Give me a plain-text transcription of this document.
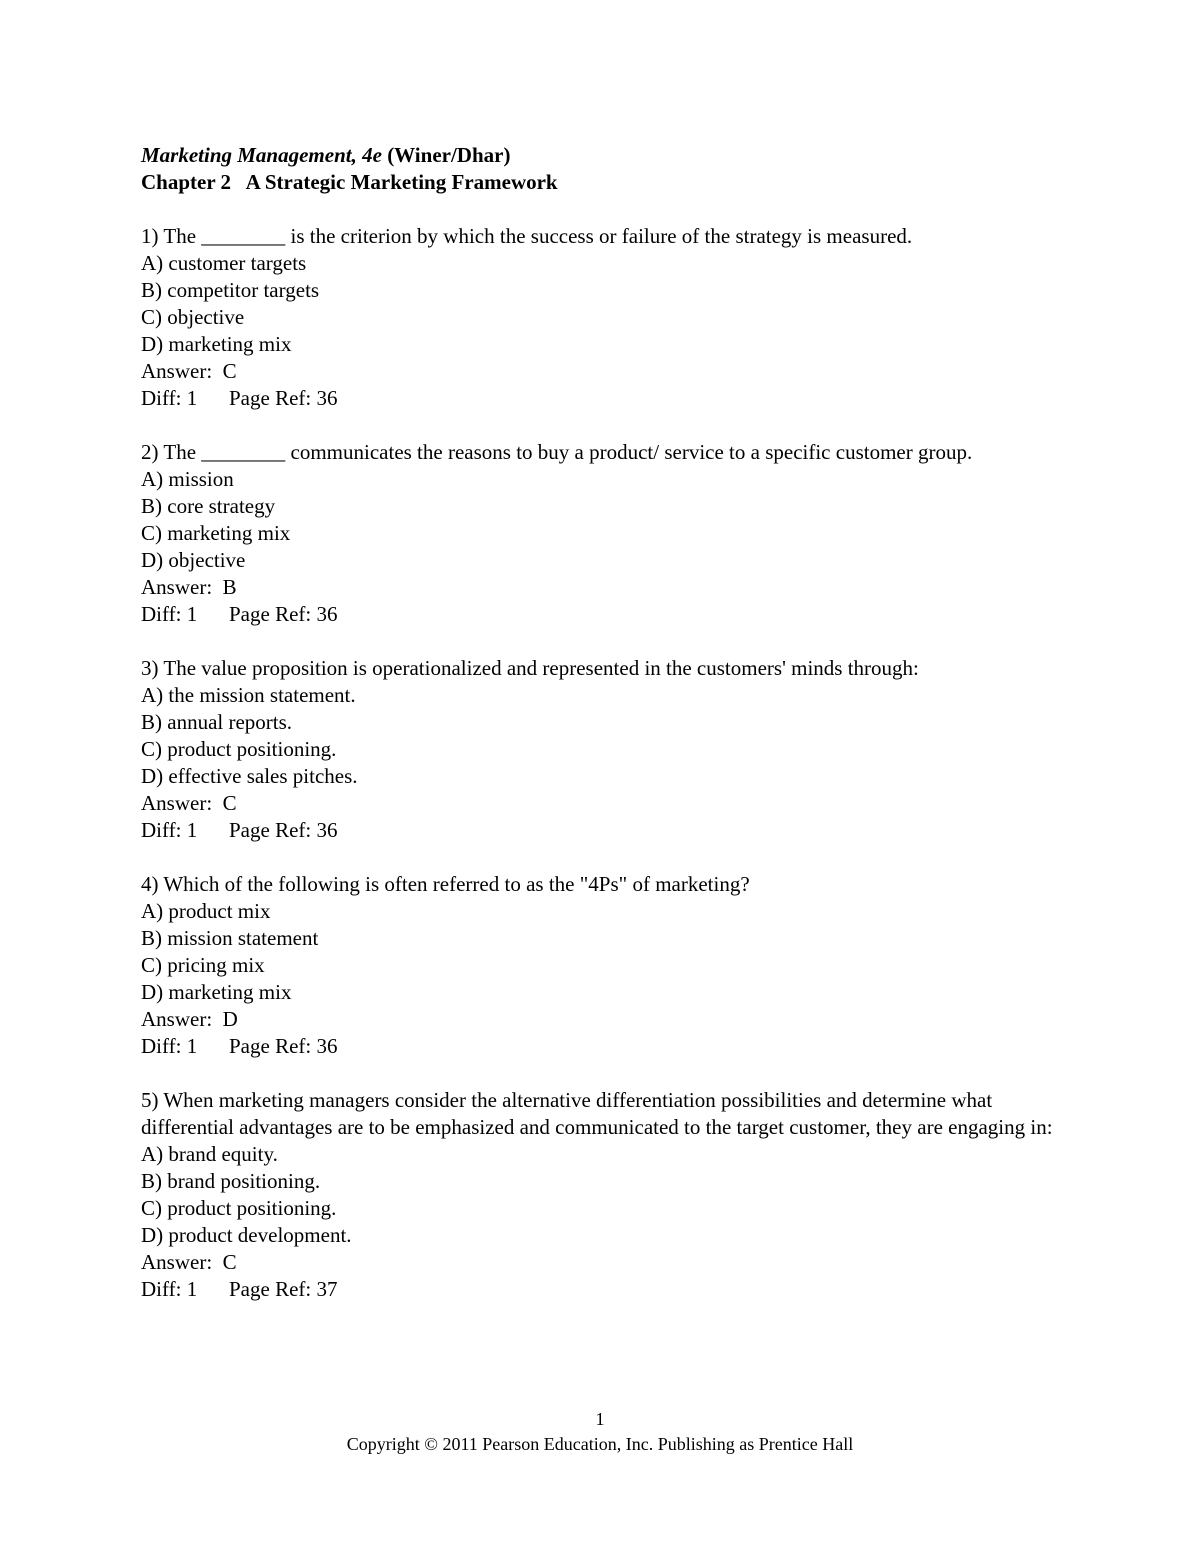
Marketing Management, 4e (Winer/Dhar)
Chapter 2   A Strategic Marketing Framework
1) The ________ is the criterion by which the success or failure of the strategy is measured.
A) customer targets
B) competitor targets
C) objective
D) marketing mix
Answer:  C
Diff: 1 Page Ref: 36
2) The ________ communicates the reasons to buy a product/ service to a specific customer group.
A) mission
B) core strategy
C) marketing mix
D) objective
Answer:  B
Diff: 1 Page Ref: 36
3) The value proposition is operationalized and represented in the customers' minds through:
A) the mission statement.
B) annual reports.
C) product positioning.
D) effective sales pitches.
Answer:  C
Diff: 1 Page Ref: 36
4) Which of the following is often referred to as the "4Ps" of marketing?
A) product mix
B) mission statement
C) pricing mix
D) marketing mix
Answer:  D
Diff: 1 Page Ref: 36
5) When marketing managers consider the alternative differentiation possibilities and determine what differential advantages are to be emphasized and communicated to the target customer, they are engaging in:
A) brand equity.
B) brand positioning.
C) product positioning.
D) product development.
Answer:  C
Diff: 1 Page Ref: 37
1
Copyright © 2011 Pearson Education, Inc. Publishing as Prentice Hall
